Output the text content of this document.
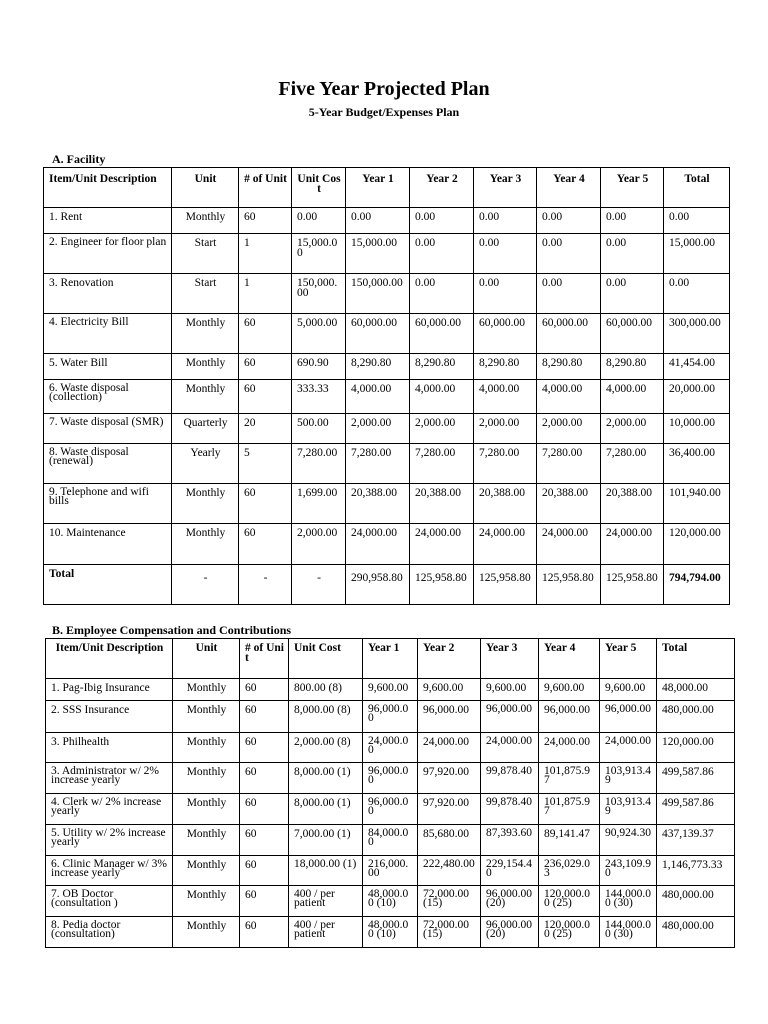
Five Year Projected Plan
5-Year Budget/Expenses Plan
A. Facility
Item/Unit Description	Unit	# of Unit	Unit Cost	Year 1	Year 2	Year 3	Year 4	Year 5	Total
1. Rent	Monthly	60	0.00	0.00	0.00	0.00	0.00	0.00	0.00
2. Engineer for floor plan	Start	1	15,000.00	15,000.00	0.00	0.00	0.00	0.00	15,000.00
3. Renovation	Start	1	150,000.00	150,000.00	0.00	0.00	0.00	0.00	0.00
4. Electricity Bill	Monthly	60	5,000.00	60,000.00	60,000.00	60,000.00	60,000.00	60,000.00	300,000.00
5. Water Bill	Monthly	60	690.90	8,290.80	8,290.80	8,290.80	8,290.80	8,290.80	41,454.00
6. Waste disposal (collection)	Monthly	60	333.33	4,000.00	4,000.00	4,000.00	4,000.00	4,000.00	20,000.00
7. Waste disposal (SMR)	Quarterly	20	500.00	2,000.00	2,000.00	2,000.00	2,000.00	2,000.00	10,000.00
8. Waste disposal (renewal)	Yearly	5	7,280.00	7,280.00	7,280.00	7,280.00	7,280.00	7,280.00	36,400.00
9. Telephone and wifi bills	Monthly	60	1,699.00	20,388.00	20,388.00	20,388.00	20,388.00	20,388.00	101,940.00
10. Maintenance	Monthly	60	2,000.00	24,000.00	24,000.00	24,000.00	24,000.00	24,000.00	120,000.00
Total	-	-	-	290,958.80	125,958.80	125,958.80	125,958.80	125,958.80	794,794.00
B. Employee Compensation and Contributions
Item/Unit Description	Unit	# of Unit	Unit Cost	Year 1	Year 2	Year 3	Year 4	Year 5	Total
1. Pag-Ibig Insurance	Monthly	60	800.00 (8)	9,600.00	9,600.00	9,600.00	9,600.00	9,600.00	48,000.00
2. SSS Insurance	Monthly	60	8,000.00 (8)	96,000.00	96,000.00	96,000.00	96,000.00	96,000.00	480,000.00
3. Philhealth	Monthly	60	2,000.00 (8)	24,000.00	24,000.00	24,000.00	24,000.00	24,000.00	120,000.00
3. Administrator w/ 2% increase yearly	Monthly	60	8,000.00 (1)	96,000.00	97,920.00	99,878.40	101,875.97	103,913.49	499,587.86
4. Clerk w/ 2% increase yearly	Monthly	60	8,000.00 (1)	96,000.00	97,920.00	99,878.40	101,875.97	103,913.49	499,587.86
5. Utility w/ 2% increase yearly	Monthly	60	7,000.00 (1)	84,000.00	85,680.00	87,393.60	89,141.47	90,924.30	437,139.37
6. Clinic Manager w/ 3% increase yearly	Monthly	60	18,000.00 (1)	216,000.00	222,480.00	229,154.40	236,029.03	243,109.90	1,146,773.33
7. OB Doctor (consultation )	Monthly	60	400 / per patient	48,000.00 (10)	72,000.00 (15)	96,000.00 (20)	120,000.00 (25)	144,000.00 (30)	480,000.00
8. Pedia doctor (consultation)	Monthly	60	400 / per patient	48,000.00 (10)	72,000.00 (15)	96,000.00 (20)	120,000.00 (25)	144,000.00 (30)	480,000.00
